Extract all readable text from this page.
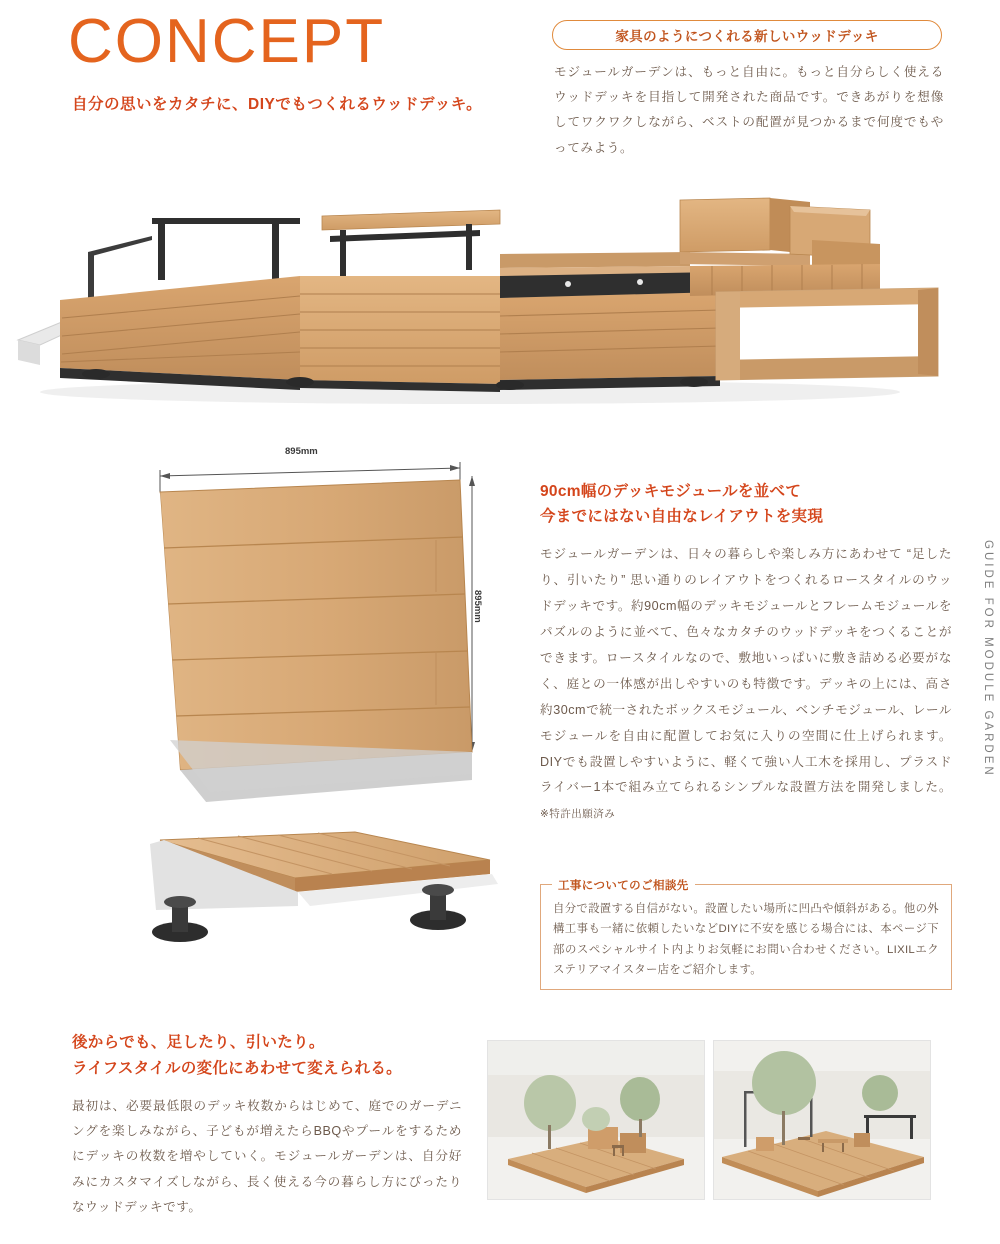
CONCEPT
自分の思いをカタチに、DIYでもつくれるウッドデッキ。
家具のようにつくれる新しいウッドデッキ
モジュールガーデンは、もっと自由に。もっと自分らしく使えるウッドデッキを目指して開発された商品です。できあがりを想像してワクワクしながら、ベストの配置が見つかるまで何度でもやってみよう。
GUIDE FOR MODULE GARDEN
895mm
895mm
90cm幅のデッキモジュールを並べて
今までにはない自由なレイアウトを実現
モジュールガーデンは、日々の暮らしや楽しみ方にあわせて “足したり、引いたり” 思い通りのレイアウトをつくれるロースタイルのウッドデッキです。約90cm幅のデッキモジュールとフレームモジュールをパズルのように並べて、色々なカタチのウッドデッキをつくることができます。ロースタイルなので、敷地いっぱいに敷き詰める必要がなく、庭との一体感が出しやすいのも特徴です。デッキの上には、高さ約30cmで統一されたボックスモジュール、ベンチモジュール、レールモジュールを自由に配置してお気に入りの空間に仕上げられます。DIYでも設置しやすいように、軽くて強い人工木を採用し、プラスドライバー1本で組み立てられるシンプルな設置方法を開発しました。 ※特許出願済み
自分で設置する自信がない。設置したい場所に凹凸や傾斜がある。他の外構工事も一緒に依頼したいなどDIYに不安を感じる場合には、本ページ下部のスペシャルサイト内よりお気軽にお問い合わせください。LIXILエクステリアマイスター店をご紹介します。
工事についてのご相談先
後からでも、足したり、引いたり。
ライフスタイルの変化にあわせて変えられる。
最初は、必要最低限のデッキ枚数からはじめて、庭でのガーデニングを楽しみながら、子どもが増えたらBBQやプールをするためにデッキの枚数を増やしていく。モジュールガーデンは、自分好みにカスタマイズしながら、長く使える今の暮らし方にぴったりなウッドデッキです。
